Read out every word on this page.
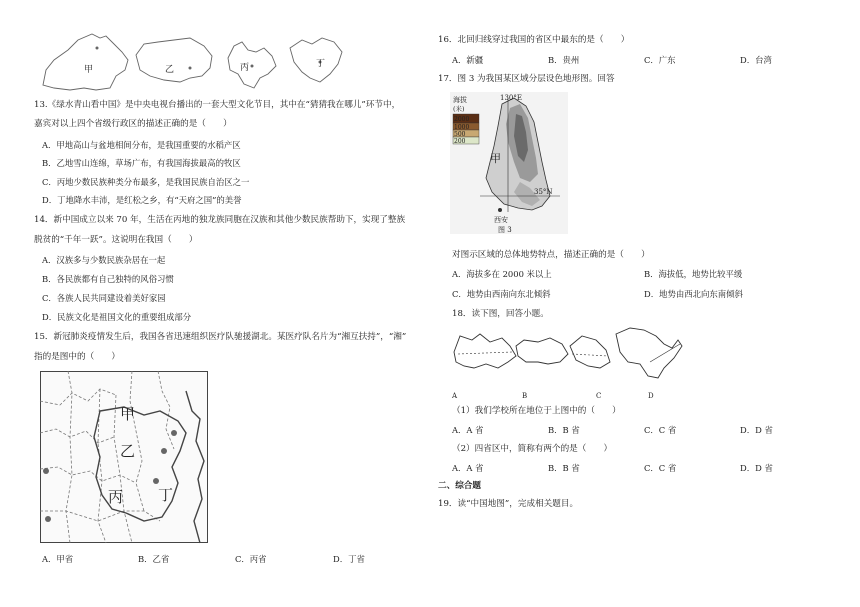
甲	乙	丙	丁
13.《绿水青山看中国》是中央电视台播出的一套大型文化节目，其中在“猜猜我在哪儿”环节中，
嘉宾对以上四个省级行政区的描述正确的是（　　）
A．甲地高山与盆地相间分布，是我国重要的水稻产区
B．乙地雪山连绵，草场广布，有我国海拔最高的牧区
C．丙地少数民族种类分布最多，是我国民族自治区之一
D．丁地降水丰沛，是红松之乡，有“天府之国”的美誉
14．新中国成立以来 70 年，生活在丙地的独龙族同胞在汉族和其他少数民族帮助下，实现了整族
脱贫的“千年一跃”。这说明在我国（　　）
A．汉族多与少数民族杂居在一起
B．各民族都有自己独特的风俗习惯
C．各族人民共同建设着美好家园
D．民族文化是祖国文化的重要组成部分
15．新冠肺炎疫情发生后，我国各省迅速组织医疗队驰援湖北。某医疗队名片为“湘互扶持”，“湘”
指的是图中的（　　）
甲
乙
丙 丁
A．甲省	B．乙省	C．丙省	D．丁省
16．北回归线穿过我国的省区中最东的是（　　）
A．新疆	B．贵州	C．广东	D．台湾
17．图 3 为我国某区域分层设色地形图。回答
海拔
(米)
2000
1000
500
200
130°E
35°N
甲
西安
图 3
对图示区域的总体地势特点，描述正确的是（　　）
A．海拔多在 2000 米以上	B．海拔低，地势比较平缓
C．地势由西南向东北倾斜	D．地势由西北向东南倾斜
18．读下图，回答小题。
A	B	C	D
（1）我们学校所在地位于上图中的（　　）
A．A 省	B．B 省	C．C 省	D．D 省
（2）四省区中，简称有两个的是（　　）
A．A 省	B．B 省	C．C 省	D．D 省
二、综合题
19．读“中国地图”，完成相关题目。
